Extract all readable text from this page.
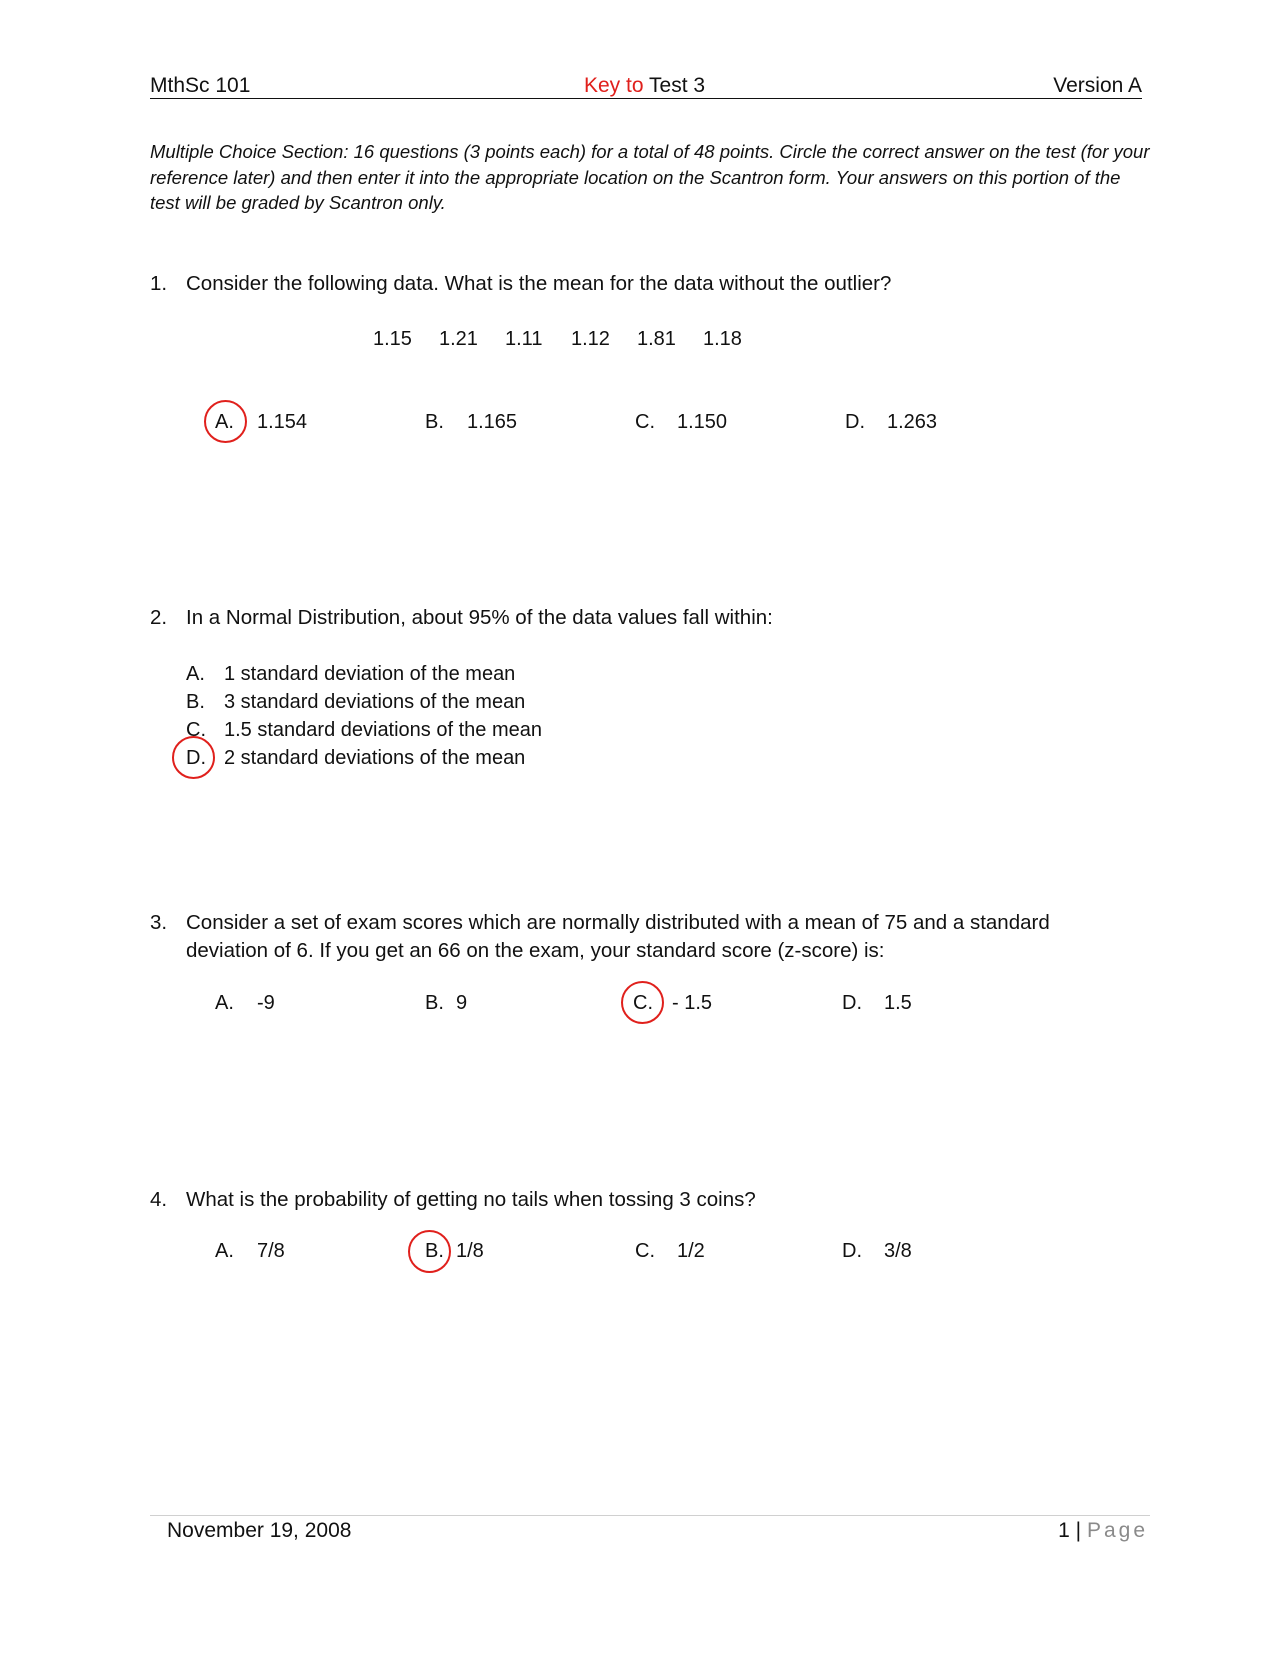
MthSc 101	Key to Test 3	Version A
Multiple Choice Section: 16 questions (3 points each) for a total of 48 points. Circle the correct answer on the test (for your reference later) and then enter it into the appropriate location on the Scantron form. Your answers on this portion of the test will be graded by Scantron only.
1. Consider the following data. What is the mean for the data without the outlier?
1.15 1.21 1.11 1.12 1.81 1.18
A. 1.154	B. 1.165	C. 1.150	D. 1.263
2. In a Normal Distribution, about 95% of the data values fall within:
A. 1 standard deviation of the mean
B. 3 standard deviations of the mean
C. 1.5 standard deviations of the mean
D. 2 standard deviations of the mean
3. Consider a set of exam scores which are normally distributed with a mean of 75 and a standard
deviation of 6. If you get an 66 on the exam, your standard score (z-score) is:
A. -9	B. 9	C. - 1.5	D. 1.5
4. What is the probability of getting no tails when tossing 3 coins?
A. 7/8	B. 1/8	C. 1/2	D. 3/8
November 19, 2008	1 | Page
